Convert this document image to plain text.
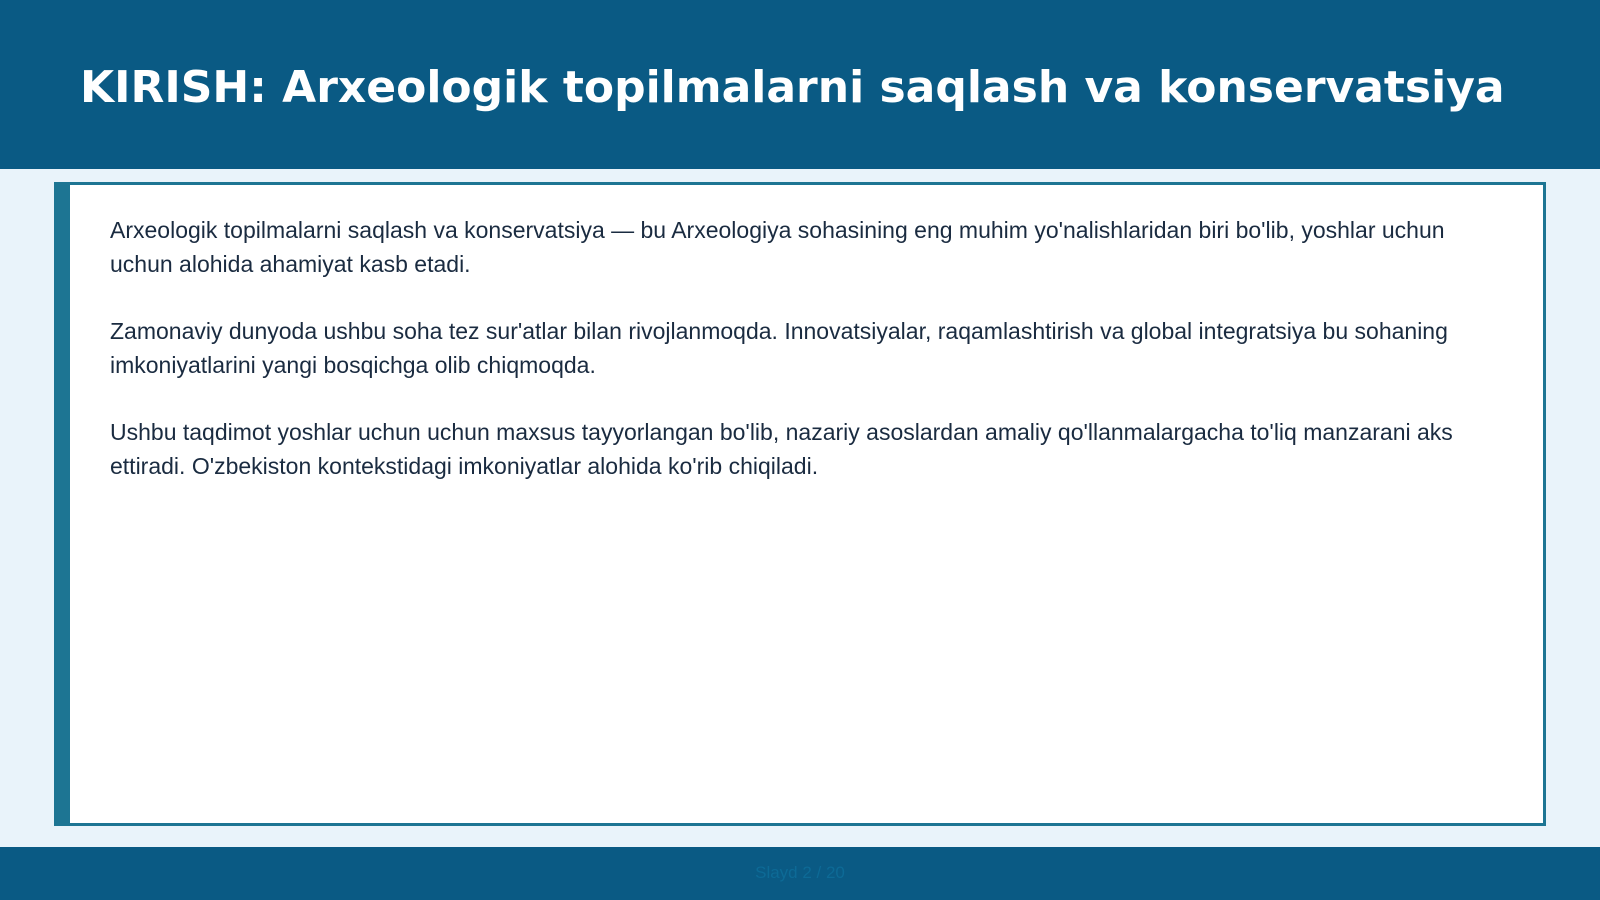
KIRISH: Arxeologik topilmalarni saqlash va konservatsiya

Arxeologik topilmalarni saqlash va konservatsiya — bu Arxeologiya sohasining eng muhim yo'nalishlaridan biri bo'lib, yoshlar uchun uchun alohida ahamiyat kasb etadi.

Zamonaviy dunyoda ushbu soha tez sur'atlar bilan rivojlanmoqda. Innovatsiyalar, raqamlashtirish va global integratsiya bu sohaning imkoniyatlarini yangi bosqichga olib chiqmoqda.

Ushbu taqdimot yoshlar uchun uchun maxsus tayyorlangan bo'lib, nazariy asoslardan amaliy qo'llanmalargacha to'liq manzarani aks ettiradi. O'zbekiston kontekstidagi imkoniyatlar alohida ko'rib chiqiladi.

Slayd 2 / 20
